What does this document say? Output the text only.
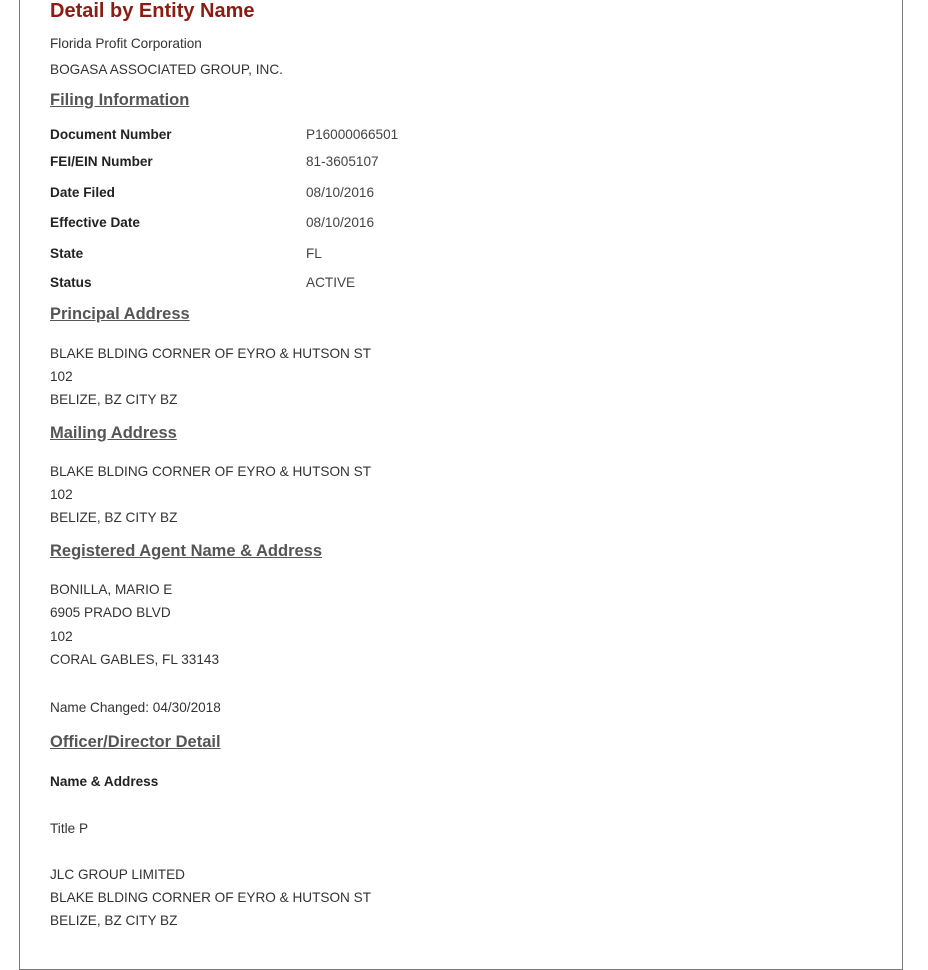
Detail by Entity Name
Florida Profit Corporation
BOGASA ASSOCIATED GROUP, INC.
Filing Information
Document Number	P16000066501
FEI/EIN Number	81-3605107
Date Filed	08/10/2016
Effective Date	08/10/2016
State	FL
Status	ACTIVE
Principal Address
BLAKE BLDING CORNER OF EYRO & HUTSON ST
102
BELIZE, BZ CITY BZ
Mailing Address
BLAKE BLDING CORNER OF EYRO & HUTSON ST
102
BELIZE, BZ CITY BZ
Registered Agent Name & Address
BONILLA, MARIO E
6905 PRADO BLVD
102
CORAL GABLES, FL 33143
Name Changed: 04/30/2018
Officer/Director Detail
Name & Address
Title P
JLC GROUP LIMITED
BLAKE BLDING CORNER OF EYRO & HUTSON ST
BELIZE, BZ CITY BZ
